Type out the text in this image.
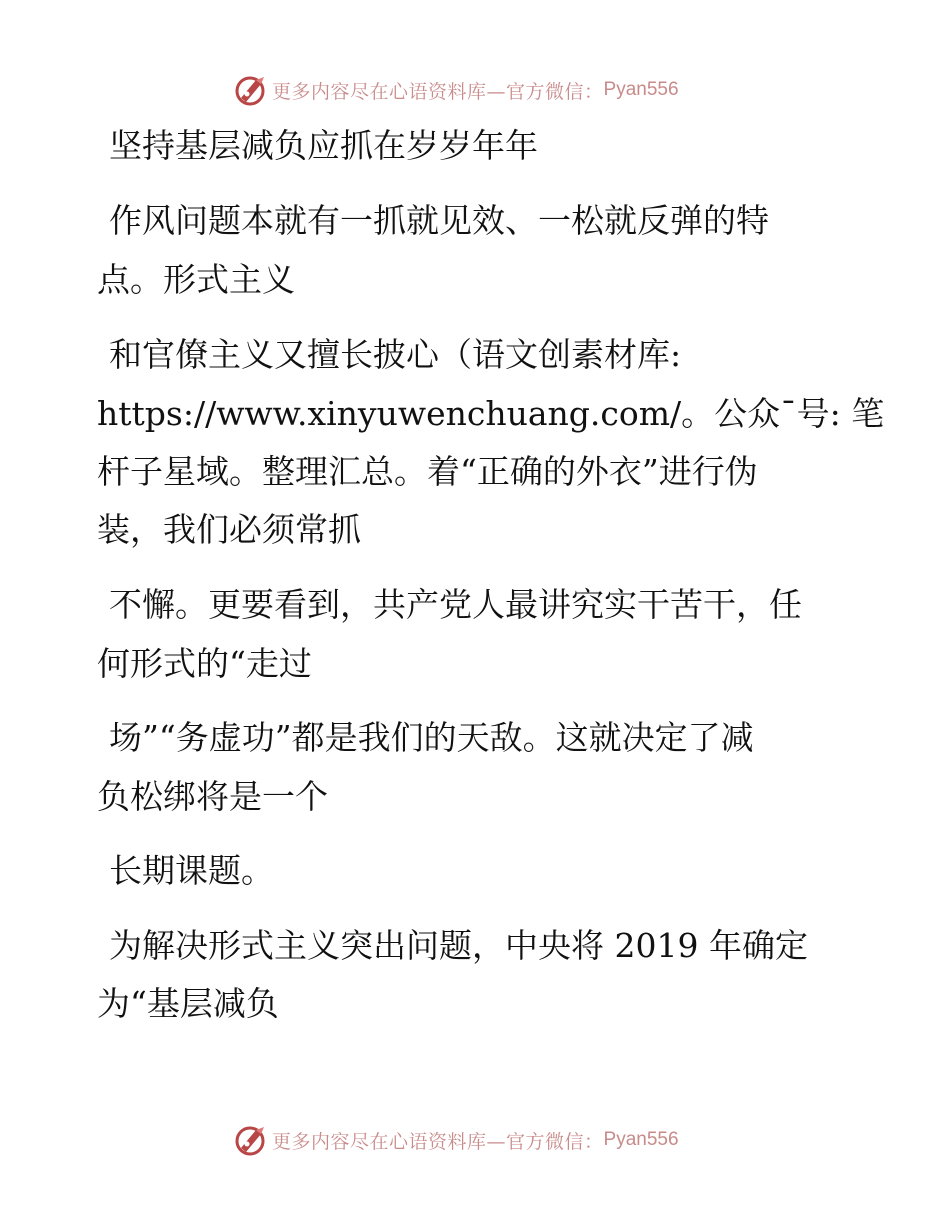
更多内容尽在心语资料库—官方微信： Pyan556
坚持基层减负应抓在岁岁年年
作风问题本就有一抓就见效、一松就反弹的特
点。形式主义
和官僚主义又擅长披心（语文创素材库:
https://www.xinyuwenchuang.com/。公众¯号: 笔
杆子星域。整理汇总。着“正确的外衣”进行伪
装，我们必须常抓
不懈。更要看到，共产党人最讲究实干苦干，任
何形式的“走过
场”“务虚功”都是我们的天敌。这就决定了减
负松绑将是一个
长期课题。
为解决形式主义突出问题，中央将 2019 年确定
为“基层减负
更多内容尽在心语资料库—官方微信： Pyan556
